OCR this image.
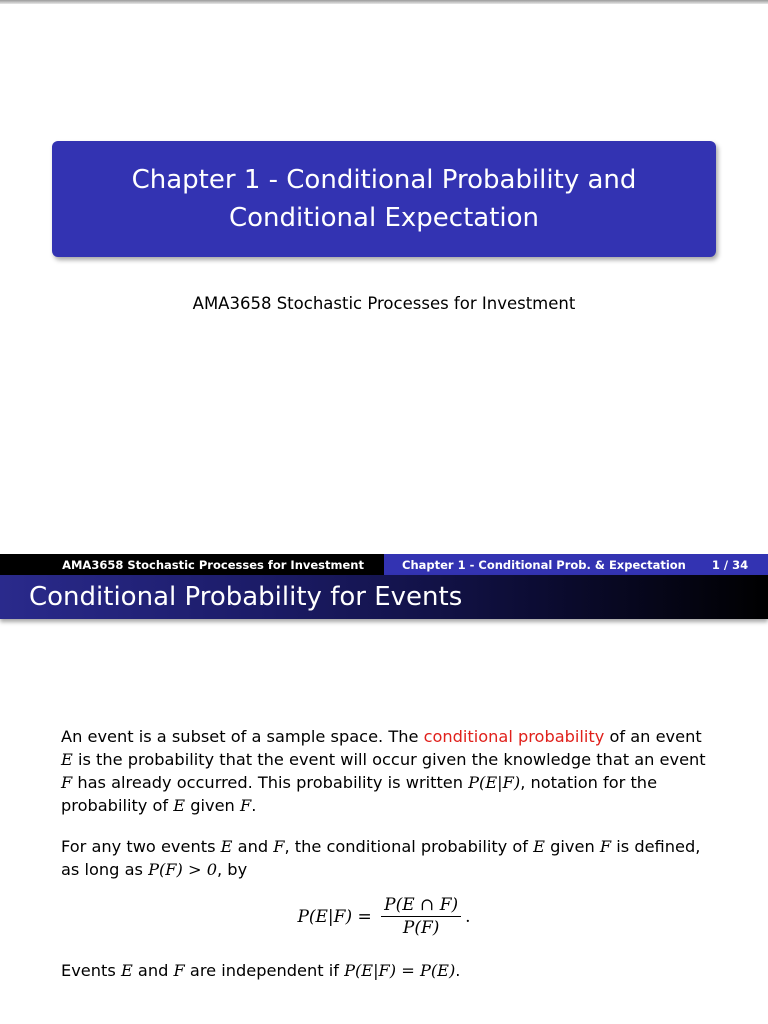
Chapter 1 - Conditional Probability and
Conditional Expectation
AMA3658 Stochastic Processes for Investment
AMA3658 Stochastic Processes for Investment	Chapter 1 - Conditional Prob. & Expectation 1 / 34
Conditional Probability for Events
An event is a subset of a sample space. The conditional probability of an event
E is the probability that the event will occur given the knowledge that an event
F has already occurred. This probability is written P(E|F), notation for the probability of E given F.
For any two events E and F, the conditional probability of E given F is defined, as long as P(F) > 0, by
$P(E|F) = \frac{P(E \cap F)}{P(F)}$ .
Events E and F are independent if P(E|F) = P(E).
